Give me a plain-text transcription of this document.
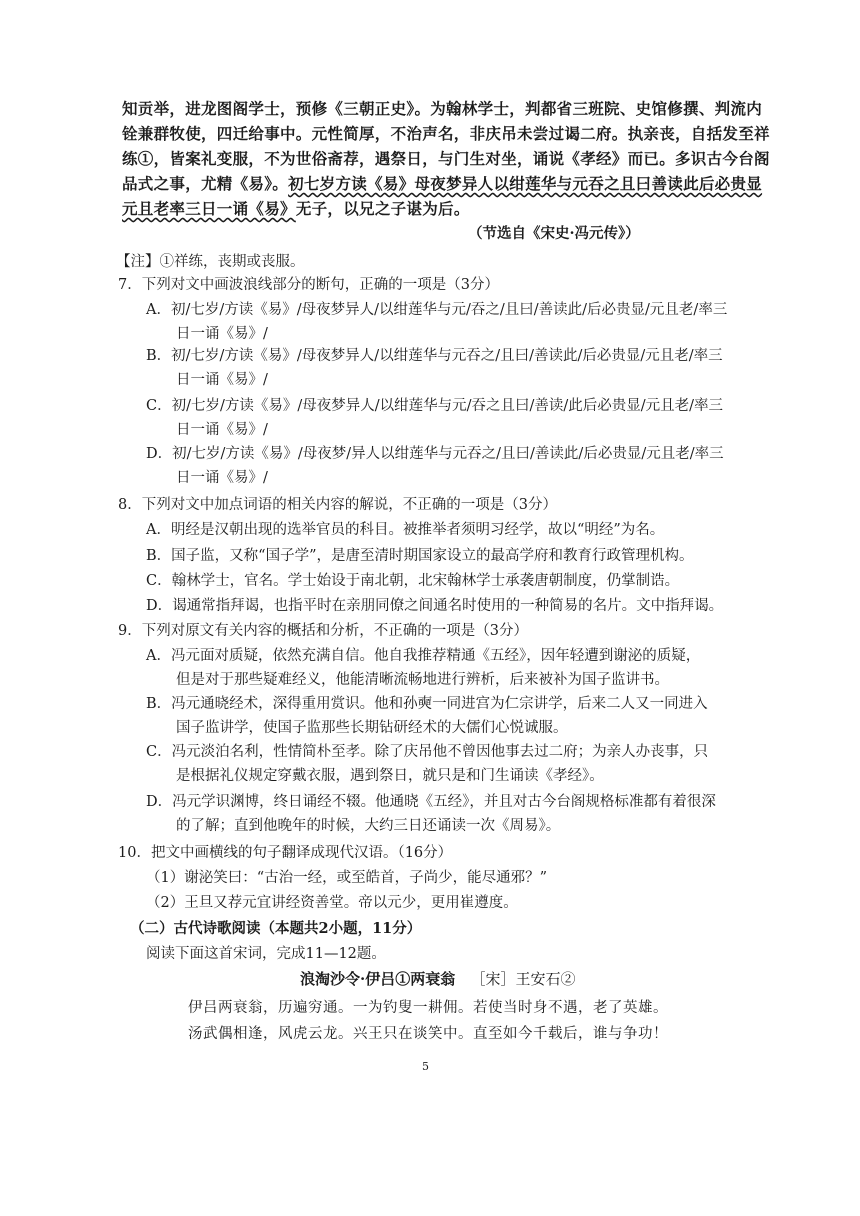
知贡举，进龙图阁学士，预修《三朝正史》。为翰林学士，判都省三班院、史馆修撰、判流内

铨兼群牧使，四迁给事中。元性简厚，不治声名，非庆吊未尝过谒二府。执亲丧，自括发至祥

练①，皆案礼变服，不为世俗斋荐，遇祭日，与门生对坐，诵说《孝经》而已。多识古今台阁

品式之事，尤精《易》。初七岁方读《易》母夜梦异人以绀莲华与元吞之且曰善读此后必贵显

元且老率三日一诵《易》无子，以兄之子谌为后。

（节选自《宋史·冯元传》）
【注】①祥练，丧期或丧服。
7．下列对文中画波浪线部分的断句，正确的一项是（3分）
A．初/七岁/方读《易》/母夜梦异人/以绀莲华与元/吞之/且曰/善读此/后必贵显/元且老/率三
日一诵《易》/
B．初/七岁/方读《易》/母夜梦异人/以绀莲华与元吞之/且曰/善读此/后必贵显/元且老/率三
日一诵《易》/
C．初/七岁/方读《易》/母夜梦异人/以绀莲华与元/吞之且曰/善读/此后必贵显/元且老/率三
日一诵《易》/
D．初/七岁/方读《易》/母夜梦/异人以绀莲华与元吞之/且曰/善读此/后必贵显/元且老/率三
日一诵《易》/
8．下列对文中加点词语的相关内容的解说，不正确的一项是（3分）
A．明经是汉朝出现的选举官员的科目。被推举者须明习经学，故以“明经”为名。
B．国子监，又称“国子学”，是唐至清时期国家设立的最高学府和教育行政管理机构。
C．翰林学士，官名。学士始设于南北朝，北宋翰林学士承袭唐朝制度，仍掌制诰。
D．谒通常指拜谒，也指平时在亲朋同僚之间通名时使用的一种简易的名片。文中指拜谒。
9．下列对原文有关内容的概括和分析，不正确的一项是（3分）
A．冯元面对质疑，依然充满自信。他自我推荐精通《五经》，因年轻遭到谢泌的质疑，
但是对于那些疑难经义，他能清晰流畅地进行辨析，后来被补为国子监讲书。
B．冯元通晓经术，深得重用赏识。他和孙奭一同进宫为仁宗讲学，后来二人又一同进入
国子监讲学，使国子监那些长期钻研经术的大儒们心悦诚服。
C．冯元淡泊名利，性情简朴至孝。除了庆吊他不曾因他事去过二府；为亲人办丧事，只
是根据礼仪规定穿戴衣服，遇到祭日，就只是和门生诵读《孝经》。
D．冯元学识渊博，终日诵经不辍。他通晓《五经》，并且对古今台阁规格标准都有着很深
的了解；直到他晚年的时候，大约三日还诵读一次《周易》。
10．把文中画横线的句子翻译成现代汉语。（16分）
（1）谢泌笑曰：“古治一经，或至皓首，子尚少，能尽通邪？”
（2）王旦又荐元宜讲经资善堂。帝以元少，更用崔遵度。
（二）古代诗歌阅读（本题共2小题，11分）
阅读下面这首宋词，完成11—12题。
浪淘沙令·伊吕①两衰翁 ［宋］王安石②
伊吕两衰翁，历遍穷通。一为钓叟一耕佣。若使当时身不遇，老了英雄。
汤武偶相逢，风虎云龙。兴王只在谈笑中。直至如今千载后，谁与争功！
5
